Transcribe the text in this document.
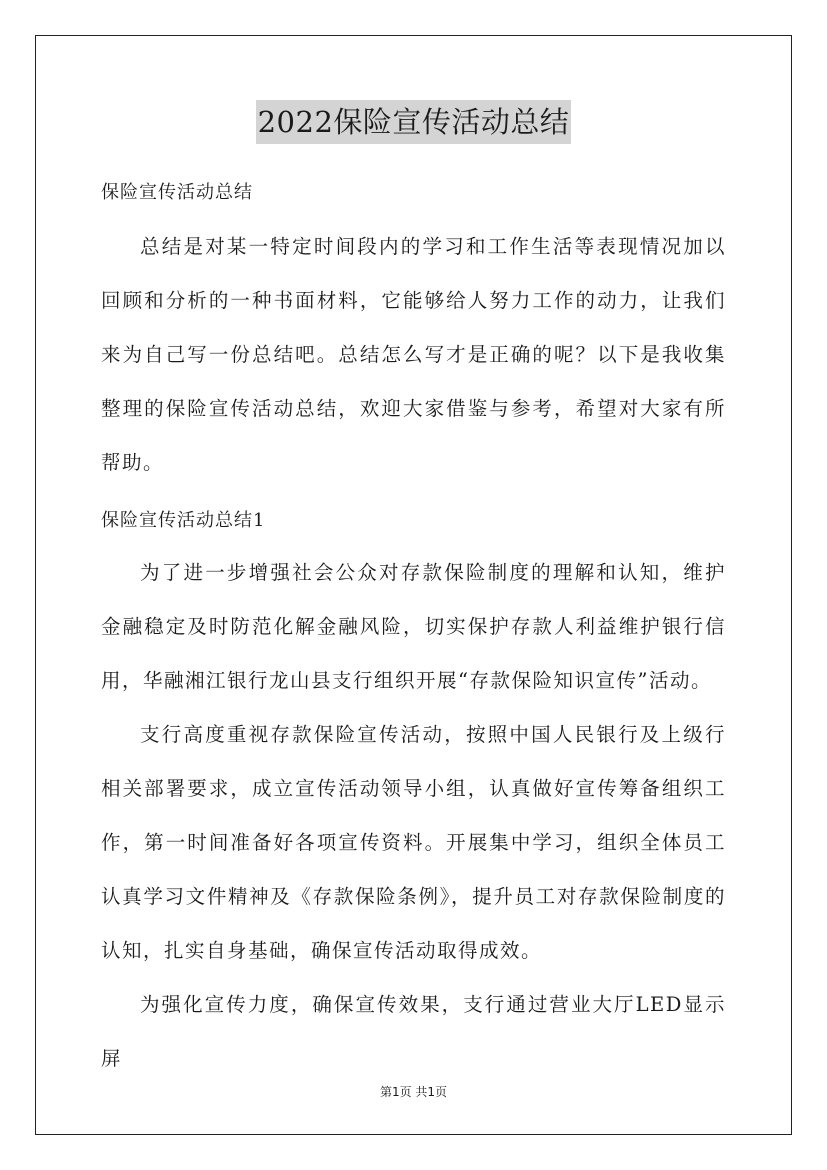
2022保险宣传活动总结
保险宣传活动总结

总结是对某一特定时间段内的学习和工作生活等表现情况加以回顾和分析的一种书面材料，它能够给人努力工作的动力，让我们来为自己写一份总结吧。总结怎么写才是正确的呢？以下是我收集整理的保险宣传活动总结，欢迎大家借鉴与参考，希望对大家有所帮助。

保险宣传活动总结1

为了进一步增强社会公众对存款保险制度的理解和认知，维护金融稳定及时防范化解金融风险，切实保护存款人利益维护银行信用，华融湘江银行龙山县支行组织开展“存款保险知识宣传”活动。

支行高度重视存款保险宣传活动，按照中国人民银行及上级行相关部署要求，成立宣传活动领导小组，认真做好宣传筹备组织工作，第一时间准备好各项宣传资料。开展集中学习，组织全体员工认真学习文件精神及《存款保险条例》，提升员工对存款保险制度的认知，扎实自身基础，确保宣传活动取得成效。

为强化宣传力度，确保宣传效果，支行通过营业大厅LED显示屏

第1页 共1页
